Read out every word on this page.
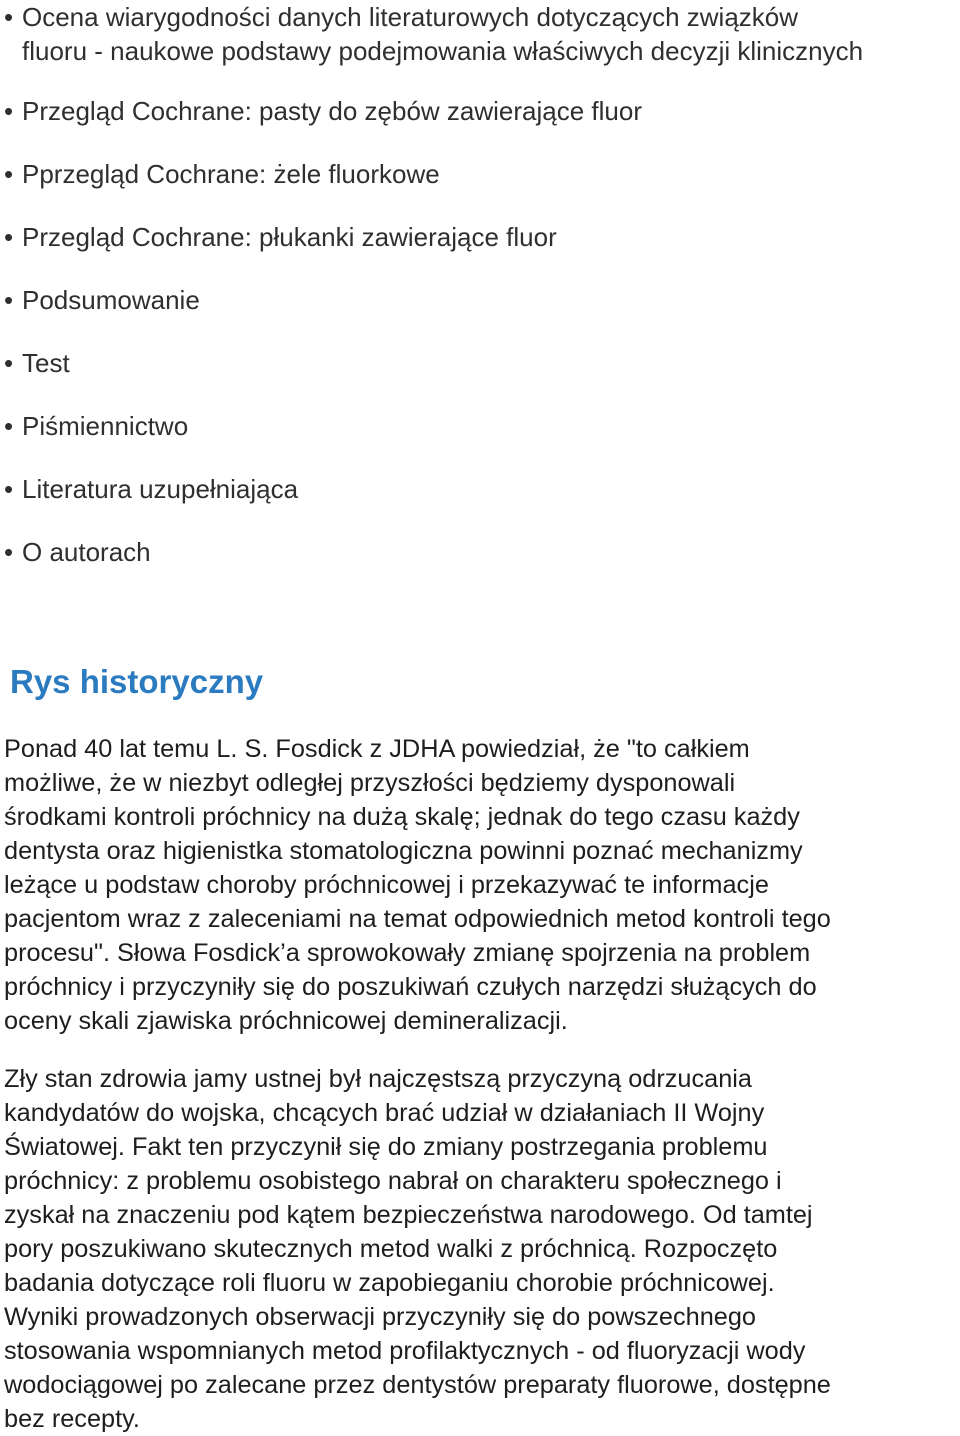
• Ocena wiarygodności danych literaturowych dotyczących związków
fluoru - naukowe podstawy podejmowania właściwych decyzji klinicznych
• Przegląd Cochrane: pasty do zębów zawierające fluor
• Pprzegląd Cochrane: żele fluorkowe
• Przegląd Cochrane: płukanki zawierające fluor
• Podsumowanie
• Test
• Piśmiennictwo
• Literatura uzupełniająca
• O autorach
Rys historyczny

Ponad 40 lat temu L. S. Fosdick z JDHA powiedział, że "to całkiem
możliwe, że w niezbyt odległej przyszłości będziemy dysponowali
środkami kontroli próchnicy na dużą skalę; jednak do tego czasu każdy
dentysta oraz higienistka stomatologiczna powinni poznać mechanizmy
leżące u podstaw choroby próchnicowej i przekazywać te informacje
pacjentom wraz z zaleceniami na temat odpowiednich metod kontroli tego
procesu". Słowa Fosdick’a sprowokowały zmianę spojrzenia na problem
próchnicy i przyczyniły się do poszukiwań czułych narzędzi służących do
oceny skali zjawiska próchnicowej demineralizacji.

Zły stan zdrowia jamy ustnej był najczęstszą przyczyną odrzucania
kandydatów do wojska, chcących brać udział w działaniach II Wojny
Światowej. Fakt ten przyczynił się do zmiany postrzegania problemu
próchnicy: z problemu osobistego nabrał on charakteru społecznego i
zyskał na znaczeniu pod kątem bezpieczeństwa narodowego. Od tamtej
pory poszukiwano skutecznych metod walki z próchnicą. Rozpoczęto
badania dotyczące roli fluoru w zapobieganiu chorobie próchnicowej.
Wyniki prowadzonych obserwacji przyczyniły się do powszechnego
stosowania wspomnianych metod profilaktycznych - od fluoryzacji wody
wodociągowej po zalecane przez dentystów preparaty fluorowe, dostępne
bez recepty.
